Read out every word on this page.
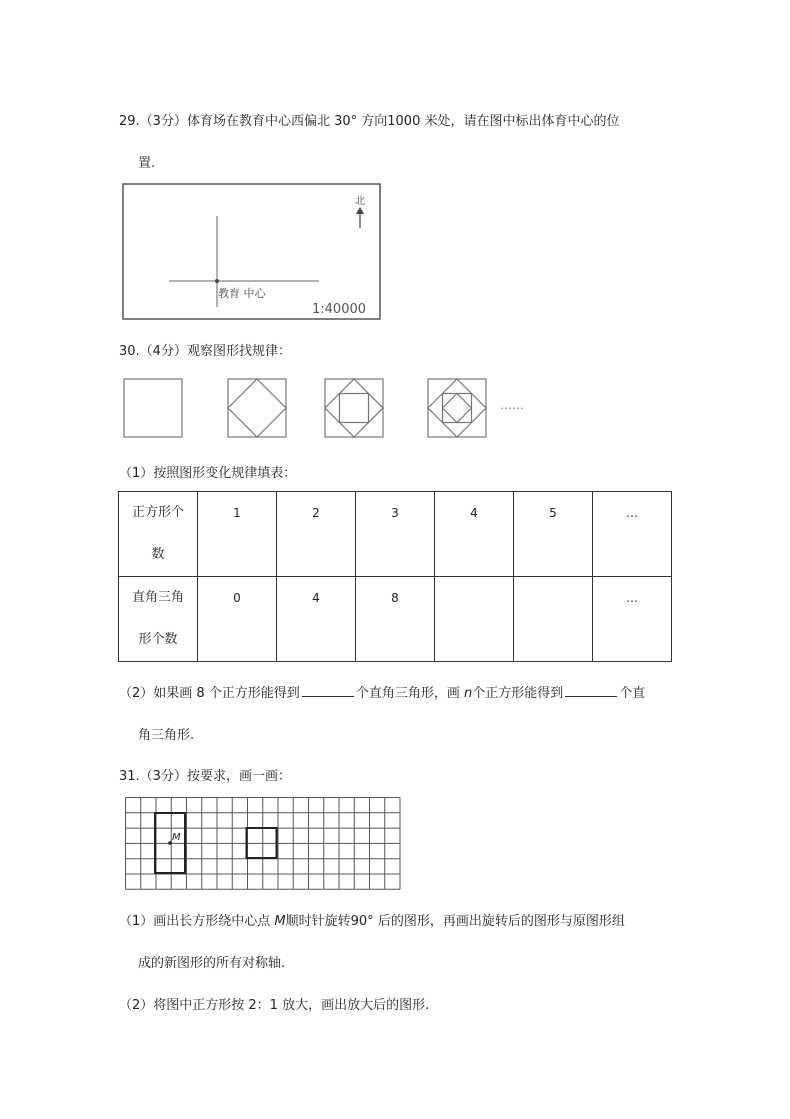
29.（3分）体育场在教育中心西偏北 30° 方向1000 米处，请在图中标出体育中心的位
置.
教育 中心
北
1:40000
30.（4分）观察图形找规律：
……
（1）按照图形变化规律填表：
正方形个
数	1	2	3	4	5	…

直角三角
形个数	0	4	8			…
（2）如果画 8 个正方形能得到	个直角三角形，画 n个正方形能得到	个直
角三角形.
31.（3分）按要求，画一画：
M
（1）画出长方形绕中心点 M顺时针旋转90° 后的图形，再画出旋转后的图形与原图形组
成的新图形的所有对称轴.
（2）将图中正方形按 2：1 放大，画出放大后的图形.
